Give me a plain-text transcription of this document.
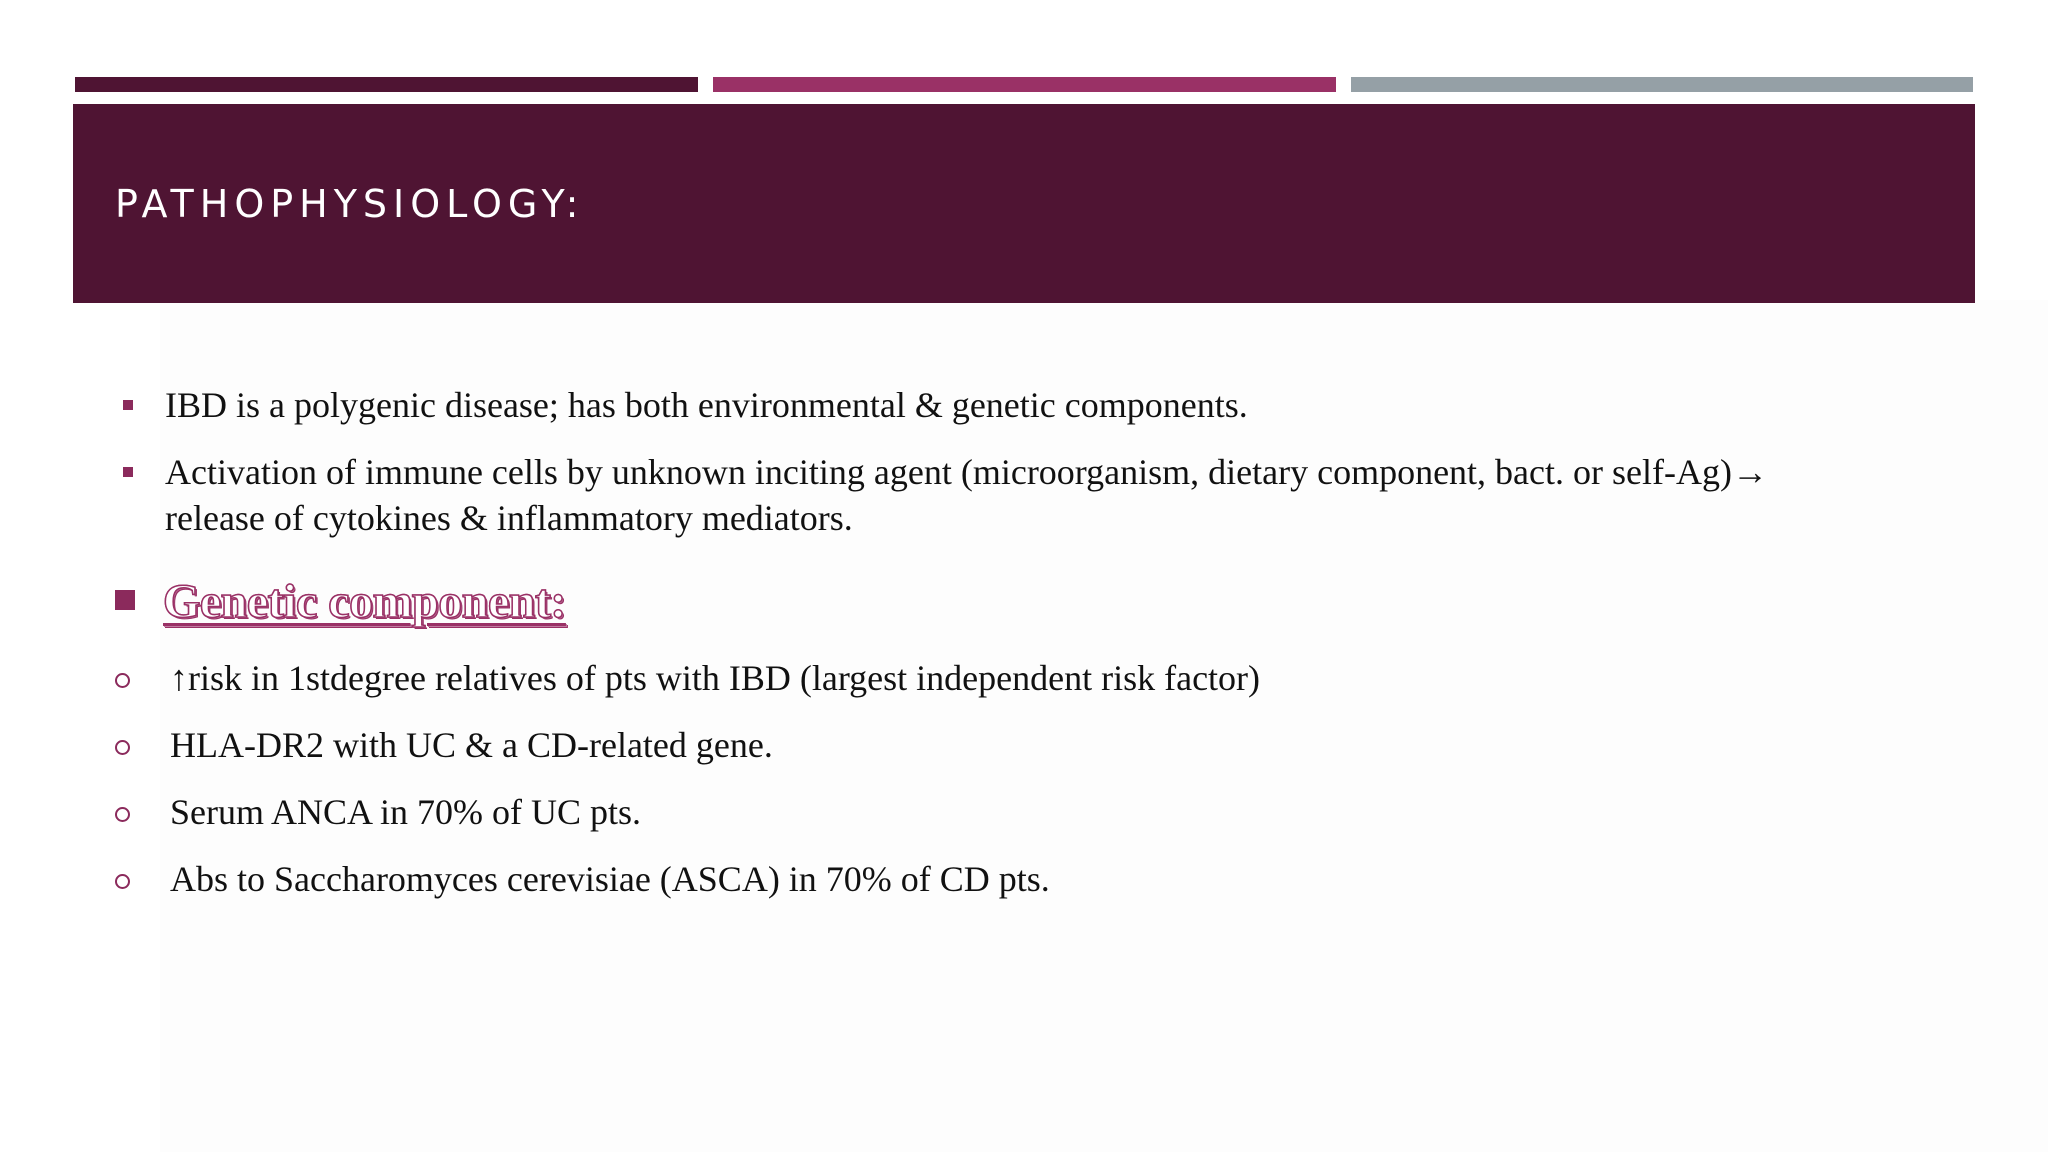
PATHOPHYSIOLOGY:
IBD is a polygenic disease; has both environmental & genetic components.
Activation of immune cells by unknown inciting agent (microorganism, dietary component, bact. or self-Ag)→
release of cytokines & inflammatory mediators.
Genetic component:
↑risk in 1stdegree relatives of pts with IBD (largest independent risk factor)
HLA-DR2 with UC & a CD-related gene.
Serum ANCA in 70% of UC pts.
Abs to Saccharomyces cerevisiae (ASCA) in 70% of CD pts.
